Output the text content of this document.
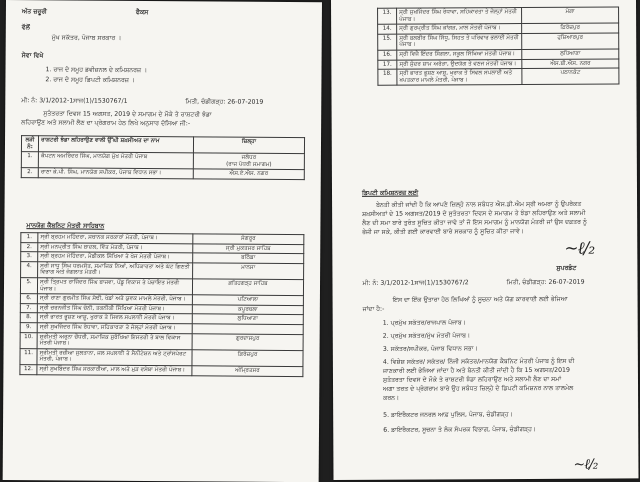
ਅੱਤ ਜ਼ਰੂਰੀ	ਫੈਕਸ
ਵੱਲੋਂ
ਮੁੱਖ ਸਕੱਤਰ, ਪੰਜਾਬ ਸਰਕਾਰ ।
ਸੇਵਾ ਵਿਖੇ
1. ਰਾਜ ਦੇ ਸਮੂਹ ਡਵੀਜ਼ਨਲ ਦੇ ਕਮਿਸ਼ਨਰਜ਼ ।
2. ਰਾਜ ਦੇ ਸਮੂਹ ਡਿਪਟੀ ਕਮਿਸ਼ਨਰਜ਼ ।
ਮੀ: ਨੰ: 3/1/2012-1ਸਾਜ(1)/1530767/1	ਮਿਤੀ, ਚੰਡੀਗੜ੍ਹ: 26-07-2019
ਸੁਤੰਤਰਤਾ ਦਿਵਸ 15 ਅਗਸਤ, 2019 ਦੇ ਸਮਾਗਮ ਦੇ ਮੌਕੇ ਤੇ ਰਾਸ਼ਟਰੀ ਝੰਡਾ
ਲਹਿਰਾਉਣ ਅਤੇ ਸਲਾਮੀ ਲੈਣ ਦਾ ਪ੍ਰੋਗਰਾਮ ਹੇਠ ਲਿਖੇ ਅਨੁਸਾਰ ਦੱਸਿਆ ਜੀ:-
ਲੜੀ ਨੰ:	ਰਾਸ਼ਟਰੀ ਝੰਡਾ ਲਹਿਰਾਉਣ ਵਾਲੀ ਉੱਘੀ ਸ਼ਖ਼ਸੀਅਤ ਦਾ ਨਾਮ	ਜ਼ਿਲ੍ਹਾ
1.	ਕੈਪਟਨ ਅਮਰਿੰਦਰ ਸਿੰਘ, ਮਾਨਯੋਗ ਮੁੱਖ ਮੰਤਰੀ ਪੰਜਾਬ	ਜਲੰਧਰ
(ਰਾਜ ਪੱਧਰੀ ਸਮਾਗਮ)

2.	ਰਾਣਾ ਕੇ.ਪੀ. ਸਿੰਘ, ਮਾਨਯੋਗ ਸਪੀਕਰ, ਪੰਜਾਬ ਵਿਧਾਨ ਸਭਾ।	ਐਸ.ਏ.ਐਸ. ਨਗਰ
ਮਾਨਯੋਗ ਕੈਬਨਿਟ ਮੰਤਰੀ ਸਾਹਿਬਾਨ
1.	ਸ੍ਰੀ ਬ੍ਰਹਮ ਮਹਿੰਦਰਾ, ਸਥਾਨਕ ਸਰਕਾਰਾਂ ਮੰਤਰੀ, ਪੰਜਾਬ।	ਸੰਗਰੂਰ
2.	ਸ੍ਰੀ ਮਨਪ੍ਰੀਤ ਸਿੰਘ ਬਾਦਲ, ਵਿੱਤ ਮੰਤਰੀ, ਪੰਜਾਬ।	ਸ੍ਰੀ ਮੁਕਤਸਰ ਸਾਹਿਬ
3.	ਸ੍ਰੀ ਬ੍ਰਹਮ ਮੋਹਿੰਦਰਾ, ਮੈਡੀਕਲ ਸਿੱਖਿਆ ਤੇ ਖੋਜ ਮੰਤਰੀ ਪੰਜਾਬ।	ਬਠਿੰਡਾ
4.	ਸ੍ਰੀ ਸਾਧੂ ਸਿੰਘ ਧਰਮਸੋਤ, ਸਮਾਜਿਕ ਨਿਆਂ, ਅਧਿਕਾਰਤਾ ਅਤੇ ਘੱਟ ਗਿਣਤੀ ਵਿਭਾਗ ਅਤੇ ਜੰਗਲਾਤ ਮੰਤਰੀ।	ਮਾਨਸਾ
5.	ਸ੍ਰੀ ਤ੍ਰਿਪਤ ਰਾਜਿੰਦਰ ਸਿੰਘ ਬਾਜਵਾ, ਪੇਂਡੂ ਵਿਕਾਸ ਤੇ ਪੰਚਾਇਤ ਮੰਤਰੀ ਪੰਜਾਬ।	ਫ਼ਤਿਹਗੜ੍ਹ ਸਾਹਿਬ
6.	ਸ੍ਰੀ ਰਾਣਾ ਗੁਰਮੀਤ ਸਿੰਘ ਸੋਢੀ, ਖੇਡਾਂ ਅਤੇ ਯੁਵਕ ਮਾਮਲੇ ਮੰਤਰੀ, ਪੰਜਾਬ।	ਪਟਿਆਲਾ
7.	ਸ੍ਰੀ ਚਰਨਜੀਤ ਸਿੰਘ ਚੰਨੀ, ਤਕਨੀਕੀ ਸਿੱਖਿਆ ਮੰਤਰੀ ਪੰਜਾਬ।	ਕਪੂਰਥਲਾ
8.	ਸ੍ਰੀ ਭਾਰਤ ਭੂਸ਼ਣ ਆਸ਼ੂ, ਖੁਰਾਕ ਤੇ ਸਿਵਲ ਸਪਲਾਈ ਮੰਤਰੀ ਪੰਜਾਬ।	ਲੁਧਿਆਣਾ
9.	ਸ੍ਰੀ ਸੁਖਜਿੰਦਰ ਸਿੰਘ ਰੰਧਾਵਾ, ਸਹਿਕਾਰਤਾ ਤੇ ਜੇਲ੍ਹਾਂ ਮੰਤਰੀ ਪੰਜਾਬ।	
10.	ਸ਼੍ਰੀਮਤੀ ਅਰੁਨਾ ਚੌਧਰੀ, ਸਮਾਜਿਕ ਸੁਰੱਖਿਆ ਇਸਤਰੀ ਤੇ ਬਾਲ ਵਿਕਾਸ ਮੰਤਰੀ ਪੰਜਾਬ।	ਗੁਰਦਾਸਪੁਰ
11.	ਸ੍ਰੀਮਤੀ ਰਜ਼ੀਆ ਸੁਲਤਾਨਾ, ਜਲ ਸਪਲਾਈ ਤੇ ਸੈਨੀਟੇਸ਼ਨ ਅਤੇ ਟ੍ਰਾਂਸਪੋਰਟ ਮੰਤਰੀ, ਪੰਜਾਬ।	ਫ਼ਿਰੋਜ਼ਪੁਰ
12.	ਸ੍ਰੀ ਸੁਖਬਿੰਦਰ ਸਿੰਘ ਸਰਕਾਰੀਆ, ਮਾਲ ਅਤੇ ਮੁੜ ਵਸੇਬਾ ਮੰਤਰੀ ਪੰਜਾਬ।	ਅੰਮ੍ਰਿਤਸਰ
13.	ਸ੍ਰੀ ਸੁਖਜਿੰਦਰ ਸਿੰਘ ਰੰਧਾਵਾ, ਸਹਿਕਾਰਤਾ ਤੇ ਜੇਲ੍ਹਾਂ ਮੰਤਰੀ ਪੰਜਾਬ।	ਮੋਗਾ
14.	ਸ੍ਰੀ ਗੁਰਪ੍ਰੀਤ ਸਿੰਘ ਕਾਂਗੜ, ਮਾਲ ਮੰਤਰੀ ਪੰਜਾਬ।	ਫ਼ਿਰੋਜ਼ਪੁਰ
15.	ਸ੍ਰੀ ਬਲਬੀਰ ਸਿੰਘ ਸਿੱਧੂ, ਸਿਹਤ ਤੇ ਪਰਿਵਾਰ ਭਲਾਈ ਮੰਤਰੀ ਪੰਜਾਬ।	ਹੁਸ਼ਿਆਰਪੁਰ
16.	ਸ੍ਰੀ ਵਿਜੈ ਇੰਦਰ ਸਿੰਗਲਾ, ਸਕੂਲ ਸਿੱਖਿਆ ਮੰਤਰੀ ਪੰਜਾਬ।	ਲੁਧਿਆਣਾ
17.	ਸ੍ਰੀ ਸੁੰਦਰ ਸ਼ਾਮ ਅਰੋੜਾ, ਉਦਯੋਗ ਤੇ ਵਣਜ ਮੰਤਰੀ ਪੰਜਾਬ।	ਐਸ.ਬੀ.ਐਸ. ਨਗਰ
18.	ਸ੍ਰੀ ਭਾਰਤ ਭੂਸ਼ਣ ਆਸ਼ੂ, ਖੁਰਾਕ ਤੇ ਸਿਵਲ ਸਪਲਾਈ ਅਤੇ ਖਪਤਕਾਰ ਮਾਮਲੇ ਮੰਤਰੀ, ਪੰਜਾਬ।	ਪਠਾਨਕੋਟ
ਡਿਪਟੀ ਕਮਿਸ਼ਨਰਜ਼ ਲਈ
ਬੇਨਤੀ ਕੀਤੀ ਜਾਂਦੀ ਹੈ ਕਿ ਆਪਣੇ ਜ਼ਿਲ੍ਹੇ ਨਾਲ ਸਬੰਧਤ ਐਸ.ਡੀ.ਐਮ ਸ੍ਰੀ ਅਮਰਾ ਨੂੰ ਉਪਰੋਕਤ
ਸ਼ਖ਼ਸੀਅਤਾਂ ਦੇ 15 ਅਗਸਤ/2019 ਦੇ ਸੁਤੰਤਰਤਾ ਦਿਵਸ ਦੇ ਸਮਾਗਮ ਤੇ ਝੰਡਾ ਲਹਿਰਾਉਣ ਅਤੇ ਸਲਾਮੀ
ਲੈਣ ਦੀ ਸਮਾ ਬਾਰੇ ਤੁਰੰਤ ਸੂਚਿਤ ਕੀਤਾ ਜਾਵੇ ਤਾਂ ਜੋ ਇਸ ਸਮਾਗਮ ਨੂੰ ਮਾਨਯੋਗ ਮੰਤਰੀ ਜਾਂ ਉਸ ਦਫ਼ਤਰ ਨੂੰ
ਭੇਜੀ ਜਾ ਸਕੇ, ਕੀਤੀ ਗਈ ਕਾਰਵਾਈ ਬਾਰੇ ਸਰਕਾਰ ਨੂੰ ਸੂਚਿਤ ਕੀਤਾ ਜਾਵੇ।
~ℓ/₂
ਸੁਪਰਡੰਟ
ਮੀ: ਨੰ: 3/1/2012-1ਸਾਜ(1)/1530767/2	ਮਿਤੀ, ਚੰਡੀਗੜ੍ਹ: 26-07-2019
ਇਸ ਦਾ ਇੱਕ ਉਤਾਰਾ ਹੇਠ ਲਿਖਿਆਂ ਨੂੰ ਸੂਚਨਾ ਅਤੇ ਯੋਗ ਕਾਰਵਾਈ ਲਈ ਭੇਜਿਆ
ਜਾਂਦਾ ਹੈ:-
1. ਪ੍ਰਮੁੱਖ ਸਕੱਤਰ/ਰਾਜਪਾਲ ਪੰਜਾਬ।
2. ਪ੍ਰਮੁੱਖ ਸਕੱਤਰ/ਮੁੱਖ ਮੰਤਰੀ ਪੰਜਾਬ।
3. ਸਕੱਤਰ/ਸਪੀਕਰ, ਪੰਜਾਬ ਵਿਧਾਨ ਸਭਾ।
4. ਵਿਸ਼ੇਸ਼ ਸਕੱਤਰ/ ਸਕੱਤਰ/ ਨਿੱਜੀ ਸਕੱਤਰ/ਮਾਨਯੋਗ ਕੈਬਨਿਟ ਮੰਤਰੀ ਪੰਜਾਬ ਨੂੰ ਇਸ ਦੀ
ਜਾਣਕਾਰੀ ਲਈ ਭੇਜਿਆ ਜਾਂਦਾ ਹੈ ਅਤੇ ਬੇਨਤੀ ਕੀਤੀ ਜਾਂਦੀ ਹੈ ਕਿ 15 ਅਗਸਤ/2019
ਸੁਤੰਤਰਤਾ ਦਿਵਸ ਦੇ ਮੌਕੇ ਤੇ ਰਾਸ਼ਟਰੀ ਝੰਡਾ ਲਹਿਰਾਉਣ ਅਤੇ ਸਲਾਮੀ ਲੈਣ ਦਾ ਸਮਾਂ
ਅਗਾ ਤਰਤ ਦੇ ਪ੍ਰੋਗਰਾਮ ਬਾਰੇ ਉਹ ਸਬੰਧਤ ਜ਼ਿਲ੍ਹੇ ਦੇ ਡਿਪਟੀ ਕਮਿਸ਼ਨਰ ਨਾਲ ਤਾਲਮੇਲ
ਕਰਨ।
5. ਡਾਇਰੈਕਟਰ ਜਨਰਲ ਆਫ਼ ਪੁਲਿਸ, ਪੰਜਾਬ, ਚੰਡੀਗੜ੍ਹ।
6. ਡਾਇਰੈਕਟਰ, ਸੂਚਨਾ ਤੇ ਲੋਕ ਸੰਪਰਕ ਵਿਭਾਗ, ਪੰਜਾਬ, ਚੰਡੀਗੜ੍ਹ।
~ℓ/₂
